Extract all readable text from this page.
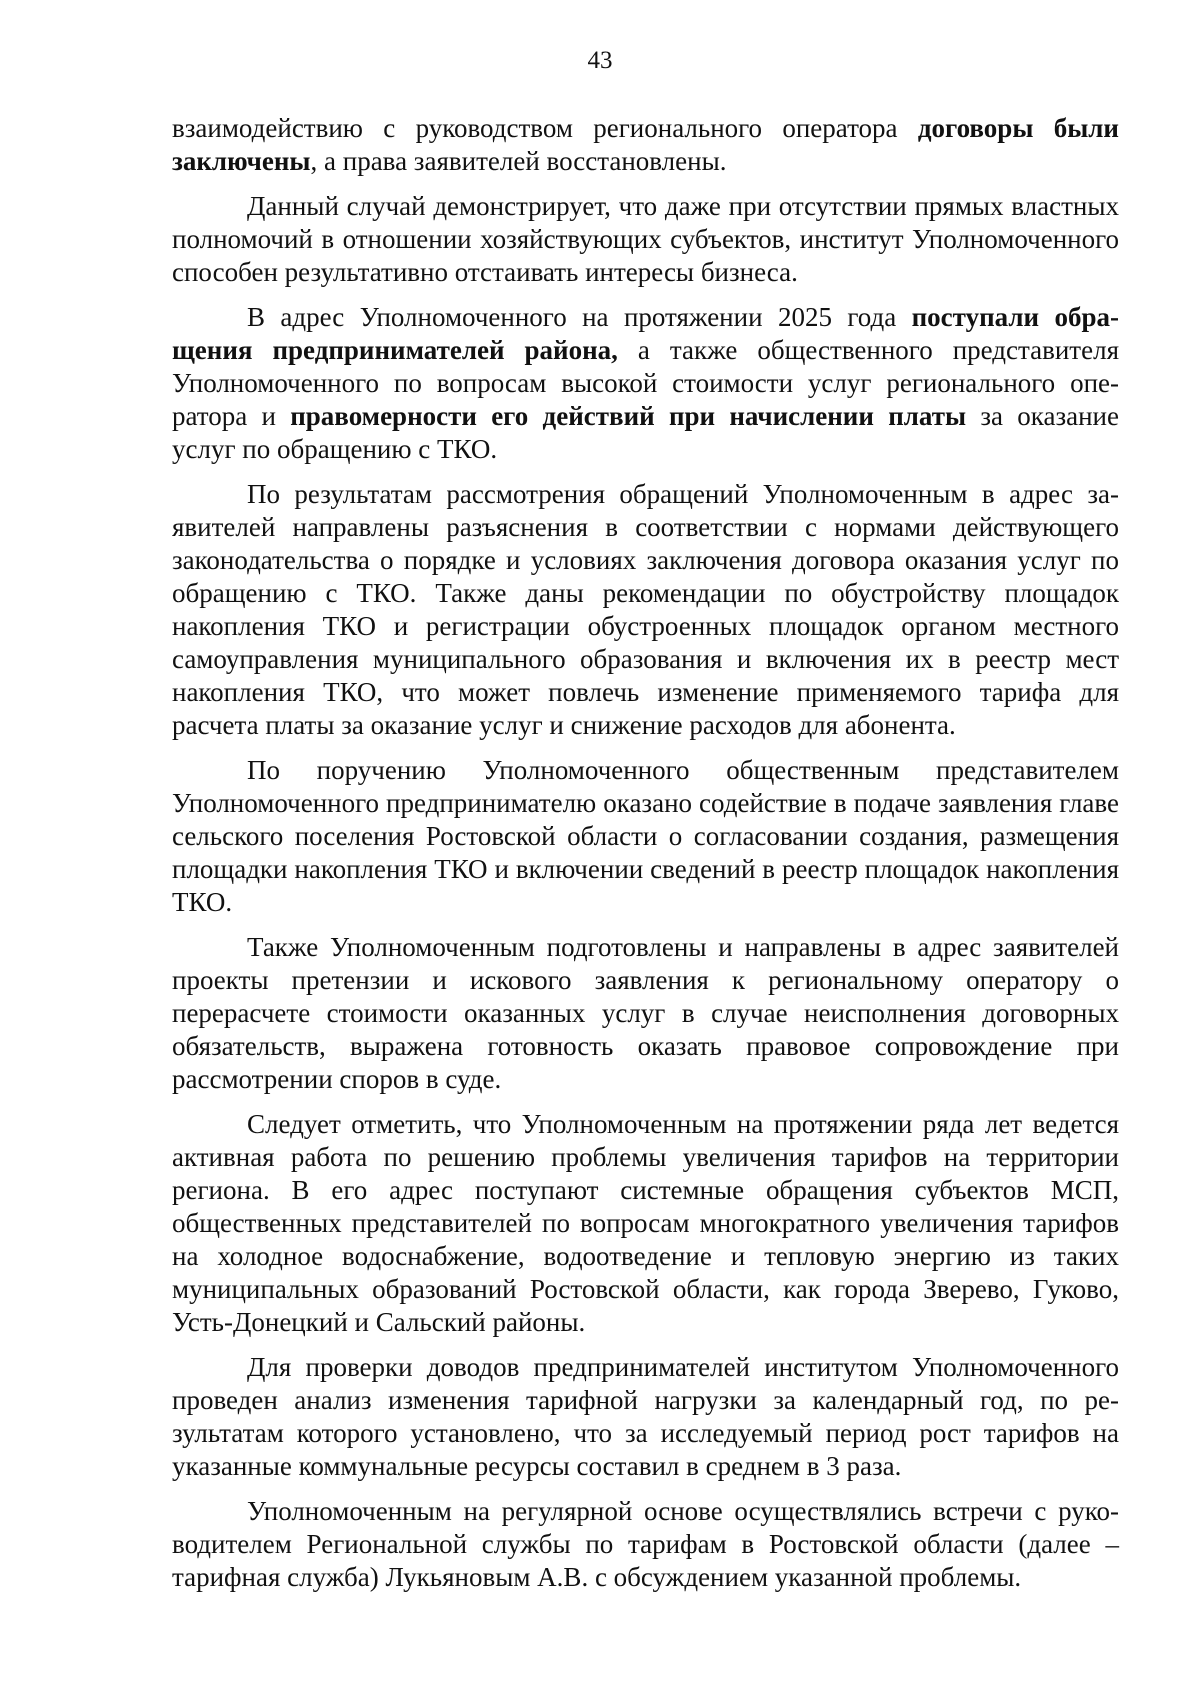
43

взаимодействию с руководством регионального оператора договоры были заключены, а права заявителей восстановлены.

Данный случай демонстрирует, что даже при отсутствии прямых властных полномочий в отношении хозяйствующих субъектов, институт Уполномоченного способен результативно отстаивать интересы бизнеса.

В адрес Уполномоченного на протяжении 2025 года поступали обращения предпринимателей района, а также общественного представителя Уполномоченного по вопросам высокой стоимости услуг регионального оператора и правомерности его действий при начислении платы за оказание услуг по обращению с ТКО.

По результатам рассмотрения обращений Уполномоченным в адрес заявителей направлены разъяснения в соответствии с нормами действующего законодательства о порядке и условиях заключения договора оказания услуг по обращению с ТКО. Также даны рекомендации по обустройству площадок накопления ТКО и регистрации обустроенных площадок органом местного самоуправления муниципального образования и включения их в реестр мест накопления ТКО, что может повлечь изменение применяемого тарифа для расчета платы за оказание услуг и снижение расходов для абонента.

По поручению Уполномоченного общественным представителем Уполномоченного предпринимателю оказано содействие в подаче заявления главе сельского поселения Ростовской области о согласовании создания, размещения площадки накопления ТКО и включении сведений в реестр площадок накопления ТКО.

Также Уполномоченным подготовлены и направлены в адрес заявителей проекты претензии и искового заявления к региональному оператору о перерасчете стоимости оказанных услуг в случае неисполнения договорных обязательств, выражена готовность оказать правовое сопровождение при рассмотрении споров в суде.

Следует отметить, что Уполномоченным на протяжении ряда лет ведется активная работа по решению проблемы увеличения тарифов на территории региона. В его адрес поступают системные обращения субъектов МСП, общественных представителей по вопросам многократного увеличения тарифов на холодное водоснабжение, водоотведение и тепловую энергию из таких муниципальных образований Ростовской области, как города Зверево, Гуково, Усть-Донецкий и Сальский районы.

Для проверки доводов предпринимателей институтом Уполномоченного проведен анализ изменения тарифной нагрузки за календарный год, по результатам которого установлено, что за исследуемый период рост тарифов на указанные коммунальные ресурсы составил в среднем в 3 раза.

Уполномоченным на регулярной основе осуществлялись встречи с руководителем Региональной службы по тарифам в Ростовской области (далее – тарифная служба) Лукьяновым А.В. с обсуждением указанной проблемы.
